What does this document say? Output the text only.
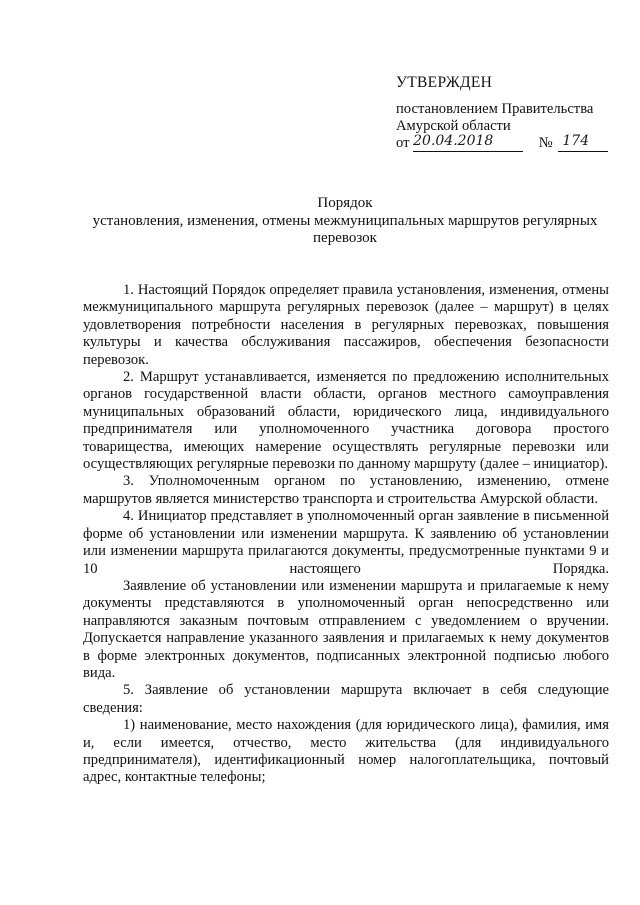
УТВЕРЖДЕН
постановлением Правительства
Амурской области
от 20.04.2018	№ 174
Порядок
установления, изменения, отмены межмуниципальных маршрутов регулярных перевозок

1. Настоящий Порядок определяет правила установления, изменения, отмены межмуниципального маршрута регулярных перевозок (далее – маршрут) в целях удовлетворения потребности населения в регулярных перевозках, повышения культуры и качества обслуживания пассажиров, обеспечения безопасности перевозок.

2. Маршрут устанавливается, изменяется по предложению исполнительных органов государственной власти области, органов местного самоуправления муниципальных образований области, юридического лица, индивидуального предпринимателя или уполномоченного участника договора простого товарищества, имеющих намерение осуществлять регулярные перевозки или осуществляющих регулярные перевозки по данному маршруту (далее – инициатор).

3. Уполномоченным органом по установлению, изменению, отмене маршрутов является министерство транспорта и строительства Амурской области.

4. Инициатор представляет в уполномоченный орган заявление в письменной форме об установлении или изменении маршрута. К заявлению об установлении или изменении маршрута прилагаются документы, предусмотренные пунктами 9 и 10 настоящего Порядка.

Заявление об установлении или изменении маршрута и прилагаемые к нему документы представляются в уполномоченный орган непосредственно или направляются заказным почтовым отправлением с уведомлением о вручении. Допускается направление указанного заявления и прилагаемых к нему документов в форме электронных документов, подписанных электронной подписью любого вида.

5. Заявление об установлении маршрута включает в себя следующие сведения:

1) наименование, место нахождения (для юридического лица), фамилия, имя и, если имеется, отчество, место жительства (для индивидуального предпринимателя), идентификационный номер налогоплательщика, почтовый адрес, контактные телефоны;
